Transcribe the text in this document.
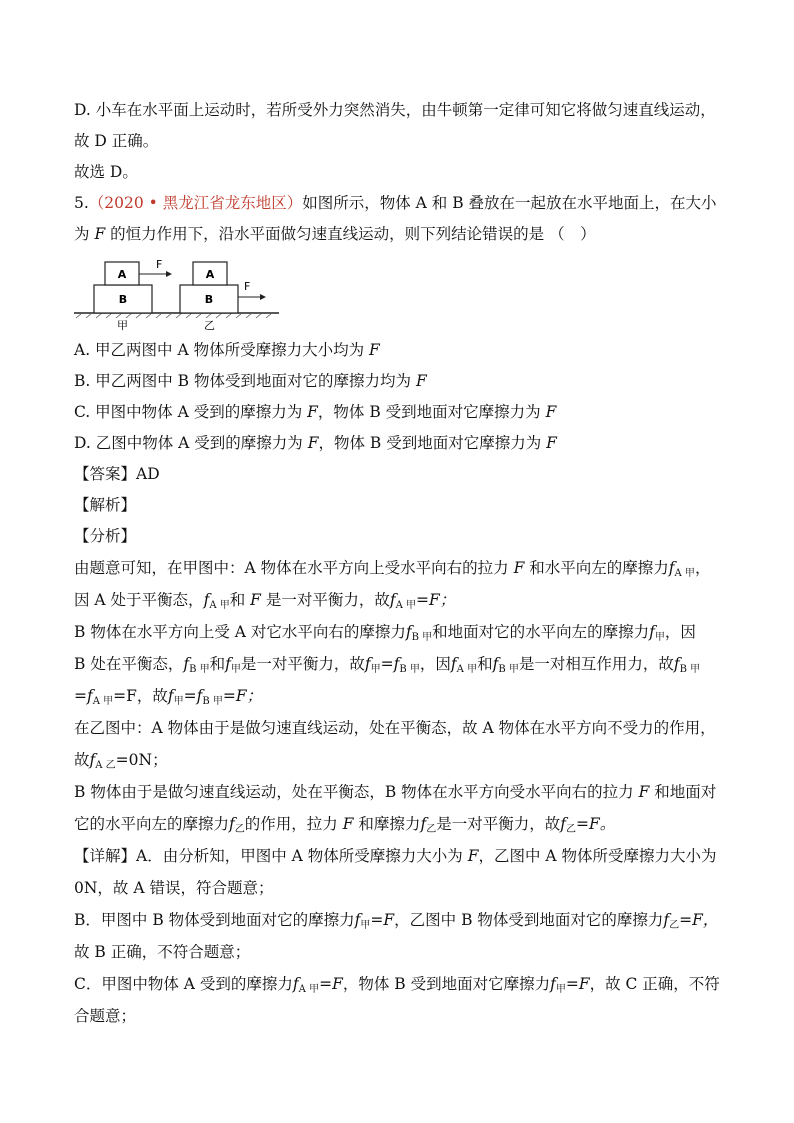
D. 小车在水平面上运动时，若所受外力突然消失，由牛顿第一定律可知它将做匀速直线运动，
故 D 正确。
故选 D。
5.（2020 • 黑龙江省龙东地区）如图所示，物体 A 和 B 叠放在一起放在水平地面上，在大小
为 F 的恒力作用下，沿水平面做匀速直线运动，则下列结论错误的是 （　）
A
B
F
甲
A
B
F
乙
A. 甲乙两图中 A 物体所受摩擦力大小均为 F
B. 甲乙两图中 B 物体受到地面对它的摩擦力均为 F
C. 甲图中物体 A 受到的摩擦力为 F，物体 B 受到地面对它摩擦力为 F
D. 乙图中物体 A 受到的摩擦力为 F，物体 B 受到地面对它摩擦力为 F
【答案】AD
【解析】
【分析】
由题意可知，在甲图中：A 物体在水平方向上受水平向右的拉力 F 和水平向左的摩擦力$f_{A 甲}$，
因 A 处于平衡态，$f_{A 甲}$和 F 是一对平衡力，故$f_{A 甲}=F$；
B 物体在水平方向上受 A 对它水平向右的摩擦力$f_{B 甲}$和地面对它的水平向左的摩擦力$f_甲$，因
B 处在平衡态，$f_{B 甲}$和$f_甲$是一对平衡力，故$f_甲=f_{B 甲}$，因$f_{A 甲}$和$f_{B 甲}$是一对相互作用力，故$f_{B 甲}$
$=f_{A 甲}=F$，故$f_甲=f_{B 甲}=F$；
在乙图中：A 物体由于是做匀速直线运动，处在平衡态，故 A 物体在水平方向不受力的作用，
故$f_{A 乙}=0N$；
B 物体由于是做匀速直线运动，处在平衡态，B 物体在水平方向受水平向右的拉力 F 和地面对
它的水平向左的摩擦力$f_乙$的作用，拉力 F 和摩擦力$f_乙$是一对平衡力，故$f_乙=F$。
【详解】A．由分析知，甲图中 A 物体所受摩擦力大小为 F，乙图中 A 物体所受摩擦力大小为
0N，故 A 错误，符合题意；
B．甲图中 B 物体受到地面对它的摩擦力$f_甲=F$，乙图中 B 物体受到地面对它的摩擦力$f_乙=F$，
故 B 正确，不符合题意；
C．甲图中物体 A 受到的摩擦力$f_{A 甲}=F$，物体 B 受到地面对它摩擦力$f_甲=F$，故 C 正确，不符
合题意；
